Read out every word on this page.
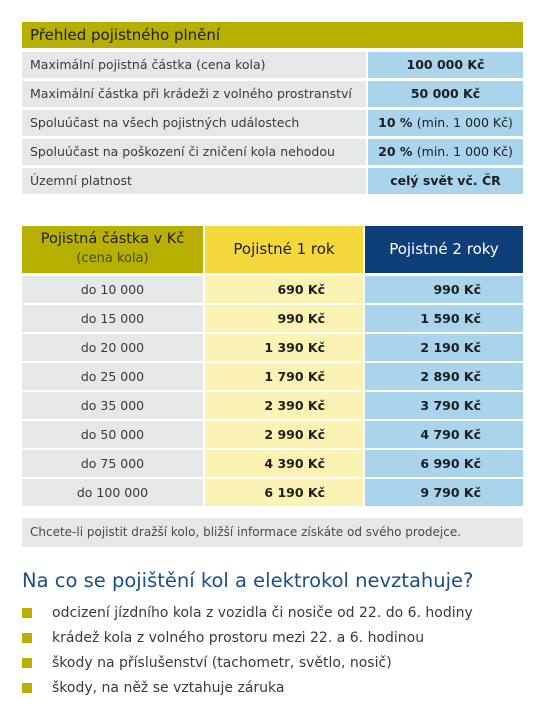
Přehled pojistného plnění
Maximální pojistná částka (cena kola)	100 000 Kč
Maximální částka při krádeži z volného prostranství	50 000 Kč
Spoluúčast na všech pojistných událostech	10 % (min. 1 000 Kč)
Spoluúčast na poškození či zničení kola nehodou	20 % (min. 1 000 Kč)
Územní platnost	celý svět vč. ČR
Pojistná částka v Kč
(cena kola)
Pojistné 1 rok	Pojistné 2 roky
do 10 000	690 Kč	990 Kč
do 15 000	990 Kč	1 590 Kč
do 20 000	1 390 Kč	2 190 Kč
do 25 000	1 790 Kč	2 890 Kč
do 35 000	2 390 Kč	3 790 Kč
do 50 000	2 990 Kč	4 790 Kč
do 75 000	4 390 Kč	6 990 Kč
do 100 000	6 190 Kč	9 790 Kč
Chcete-li pojistit dražší kolo, bližší informace získáte od svého prodejce.
Na co se pojištění kol a elektrokol nevztahuje?
odcizení jízdního kola z vozidla či nosiče od 22. do 6. hodiny
krádež kola z volného prostoru mezi 22. a 6. hodinou
škody na příslušenství (tachometr, světlo, nosič)
škody, na něž se vztahuje záruka
